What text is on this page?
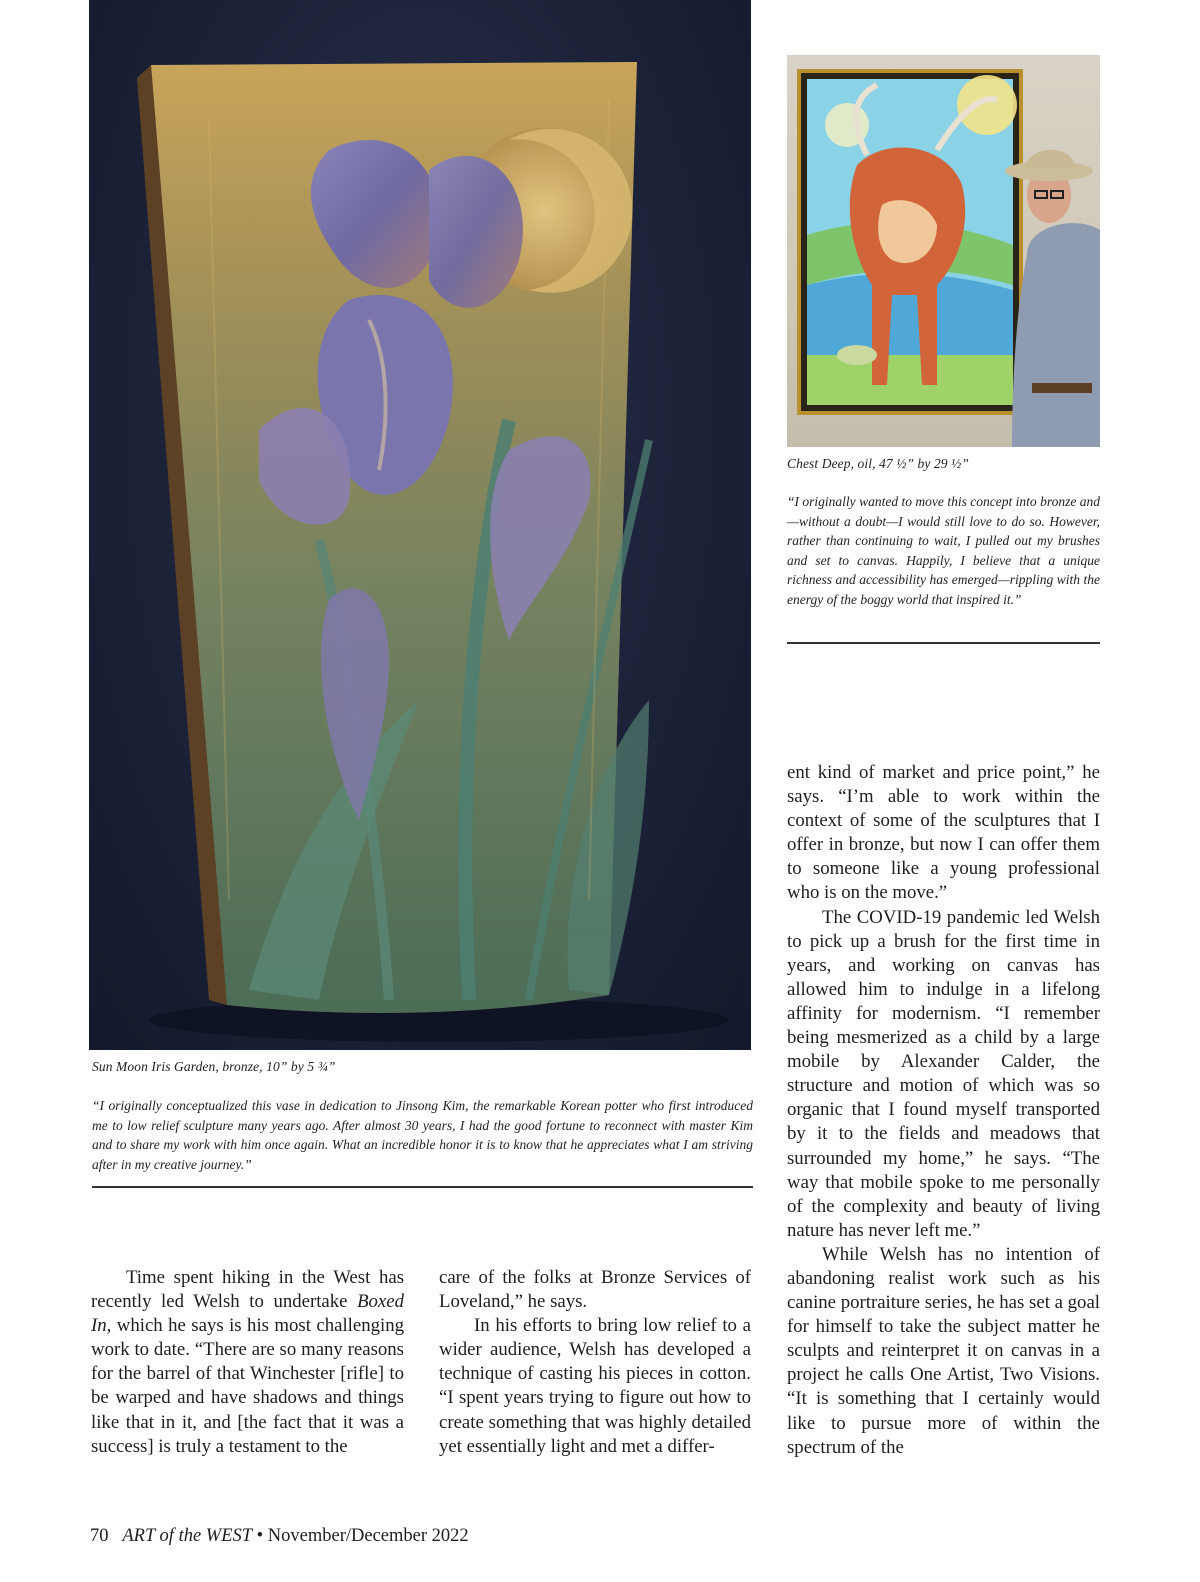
Sun Moon Iris Garden, bronze, 10” by 5 ¾”
“I originally conceptualized this vase in dedication to Jinsong Kim, the remarkable Korean potter who first introduced me to low relief sculpture many years ago. After almost 30 years, I had the good fortune to reconnect with master Kim and to share my work with him once again. What an incredible honor it is to know that he appreciates what I am striving after in my creative journey.”
Chest Deep, oil, 47 ½” by 29 ½”
“I originally wanted to move this concept into bronze and—without a doubt—I would still love to do so. However, rather than continuing to wait, I pulled out my brushes and set to canvas. Happily, I believe that a unique richness and accessibility has emerged—rippling with the energy of the boggy world that inspired it.”

Time spent hiking in the West has recently led Welsh to undertake Boxed In, which he says is his most challenging work to date. “There are so many reasons for the barrel of that Winchester [rifle] to be warped and have shadows and things like that in it, and [the fact that it was a success] is truly a testament to the

care of the folks at Bronze Services of Loveland,” he says.

In his efforts to bring low relief to a wider audience, Welsh has developed a technique of casting his pieces in cotton. “I spent years trying to figure out how to create something that was highly detailed yet essentially light and met a differ-

ent kind of market and price point,” he says. “I’m able to work within the context of some of the sculptures that I offer in bronze, but now I can offer them to someone like a young professional who is on the move.”

The COVID-19 pandemic led Welsh to pick up a brush for the first time in years, and working on canvas has allowed him to indulge in a lifelong affinity for modernism. “I remember being mesmerized as a child by a large mobile by Alexander Calder, the structure and motion of which was so organic that I found myself transported by it to the fields and meadows that surrounded my home,” he says. “The way that mobile spoke to me personally of the complexity and beauty of living nature has never left me.”

While Welsh has no intention of abandoning realist work such as his canine portraiture series, he has set a goal for himself to take the subject matter he sculpts and reinterpret it on canvas in a project he calls One Artist, Two Visions. “It is something that I certainly would like to pursue more of within the spectrum of the

70 ART of the WEST • November/December 2022
